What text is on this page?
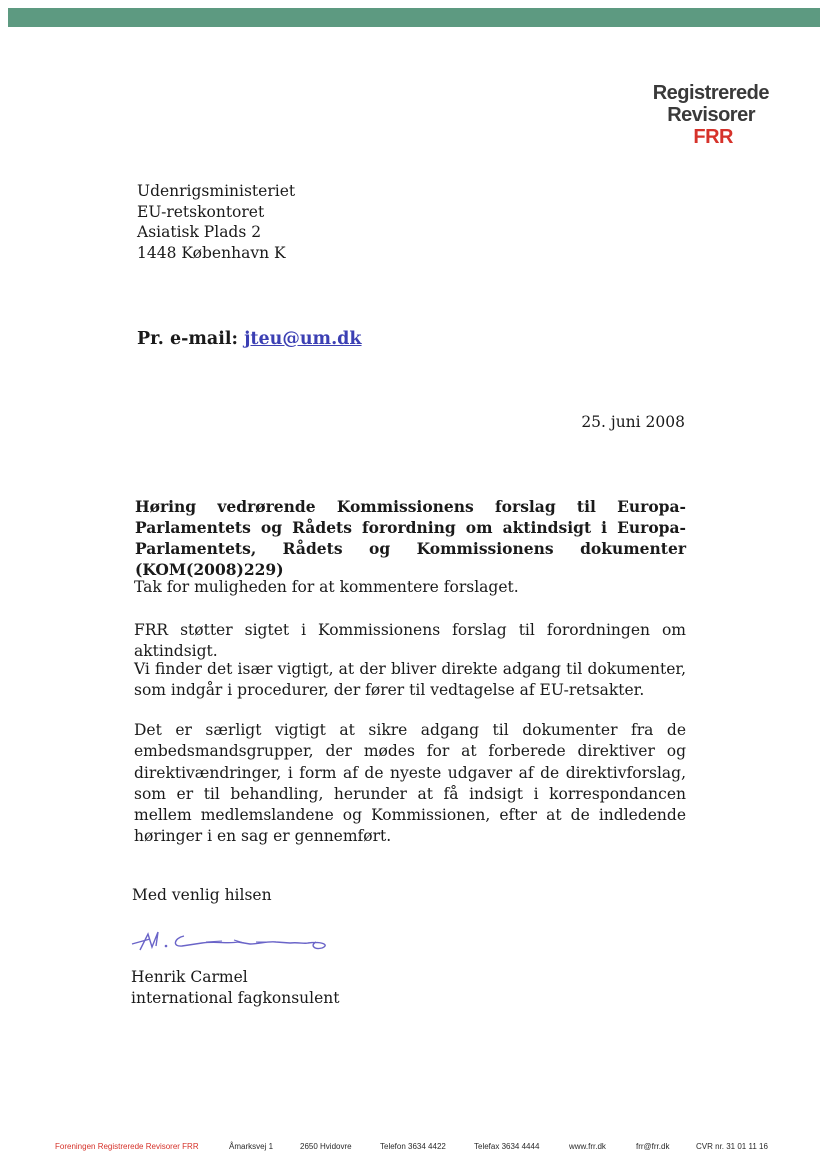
Registrerede
Revisorer
FRR
Udenrigsministeriet
EU-retskontoret
Asiatisk Plads 2
1448 København K
Pr. e-mail: jteu@um.dk
25. juni 2008
Høring vedrørende Kommissionens forslag til Europa-Parlamentets og Rådets forordning om aktindsigt i Europa-Parlamentets, Rådets og Kommissionens dokumenter (KOM(2008)229)
Tak for muligheden for at kommentere forslaget.
FRR støtter sigtet i Kommissionens forslag til forordningen om aktindsigt.
Vi finder det især vigtigt, at der bliver direkte adgang til dokumenter, som indgår i procedurer, der fører til vedtagelse af EU-retsakter.
Det er særligt vigtigt at sikre adgang til dokumenter fra de embedsmandsgrupper, der mødes for at forberede direktiver og direktivændringer, i form af de nyeste udgaver af de direktivforslag, som er til behandling, herunder at få indsigt i korrespondancen mellem medlemslandene og Kommissionen, efter at de indledende høringer i en sag er gennemført.
Med venlig hilsen
Henrik Carmel
international fagkonsulent
Foreningen Registrerede Revisorer FRR	Åmarksvej 1	2650 Hvidovre	Telefon 3634 4422	Telefax 3634 4444	www.frr.dk	frr@frr.dk	CVR nr. 31 01 11 16
